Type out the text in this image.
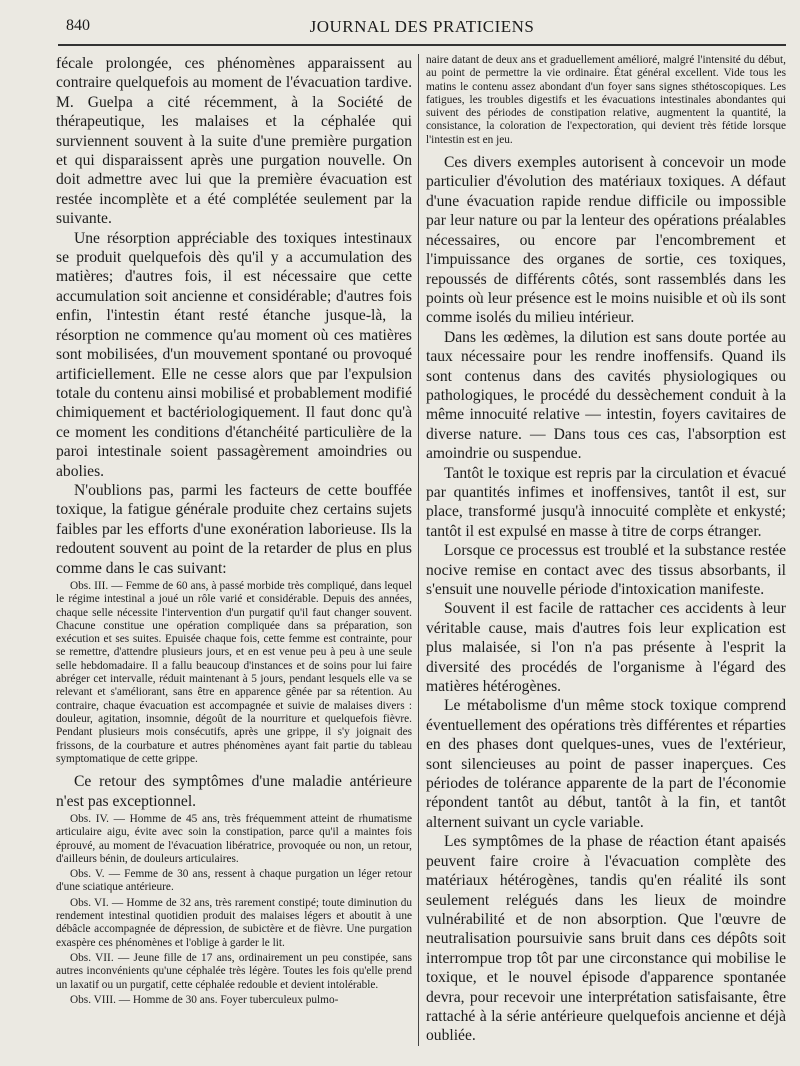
840	JOURNAL DES PRATICIENS

fécale prolongée, ces phénomènes apparaissent au contraire quelquefois au moment de l'évacuation tardive. M. Guelpa a cité récemment, à la Société de thérapeutique, les malaises et la céphalée qui surviennent souvent à la suite d'une première purgation et qui disparaissent après une purgation nouvelle. On doit admettre avec lui que la première évacuation est restée incomplète et a été complétée seulement par la suivante.

Une résorption appréciable des toxiques intestinaux se produit quelquefois dès qu'il y a accumulation des matières; d'autres fois, il est nécessaire que cette accumulation soit ancienne et considérable; d'autres fois enfin, l'intestin étant resté étanche jusque-là, la résorption ne commence qu'au moment où ces matières sont mobilisées, d'un mouvement spontané ou provoqué artificiellement. Elle ne cesse alors que par l'expulsion totale du contenu ainsi mobilisé et probablement modifié chimiquement et bactériologiquement. Il faut donc qu'à ce moment les conditions d'étanchéité particulière de la paroi intestinale soient passagèrement amoindries ou abolies.

N'oublions pas, parmi les facteurs de cette bouffée toxique, la fatigue générale produite chez certains sujets faibles par les efforts d'une exonération laborieuse. Ils la redoutent souvent au point de la retarder de plus en plus comme dans le cas suivant:

Obs. III. — Femme de 60 ans, à passé morbide très compliqué, dans lequel le régime intestinal a joué un rôle varié et considérable. Depuis des années, chaque selle nécessite l'intervention d'un purgatif qu'il faut changer souvent. Chacune constitue une opération compliquée dans sa préparation, son exécution et ses suites. Epuisée chaque fois, cette femme est contrainte, pour se remettre, d'attendre plusieurs jours, et en est venue peu à peu à une seule selle hebdomadaire. Il a fallu beaucoup d'instances et de soins pour lui faire abréger cet intervalle, réduit maintenant à 5 jours, pendant lesquels elle va se relevant et s'améliorant, sans être en apparence gênée par sa rétention. Au contraire, chaque évacuation est accompagnée et suivie de malaises divers : douleur, agitation, insomnie, dégoût de la nourriture et quelquefois fièvre. Pendant plusieurs mois consécutifs, après une grippe, il s'y joignait des frissons, de la courbature et autres phénomènes ayant fait partie du tableau symptomatique de cette grippe.

Ce retour des symptômes d'une maladie antérieure n'est pas exceptionnel.

Obs. IV. — Homme de 45 ans, très fréquemment atteint de rhumatisme articulaire aigu, évite avec soin la constipation, parce qu'il a maintes fois éprouvé, au moment de l'évacuation libératrice, provoquée ou non, un retour, d'ailleurs bénin, de douleurs articulaires.

Obs. V. — Femme de 30 ans, ressent à chaque purgation un léger retour d'une sciatique antérieure.

Obs. VI. — Homme de 32 ans, très rarement constipé; toute diminution du rendement intestinal quotidien produit des malaises légers et aboutit à une débâcle accompagnée de dépression, de subictère et de fièvre. Une purgation exaspère ces phénomènes et l'oblige à garder le lit.

Obs. VII. — Jeune fille de 17 ans, ordinairement un peu constipée, sans autres inconvénients qu'une céphalée très légère. Toutes les fois qu'elle prend un laxatif ou un purgatif, cette céphalée redouble et devient intolérable.

Obs. VIII. — Homme de 30 ans. Foyer tuberculeux pulmo-

naire datant de deux ans et graduellement amélioré, malgré l'intensité du début, au point de permettre la vie ordinaire. État général excellent. Vide tous les matins le contenu assez abondant d'un foyer sans signes sthétoscopiques. Les fatigues, les troubles digestifs et les évacuations intestinales abondantes qui suivent des périodes de constipation relative, augmentent la quantité, la consistance, la coloration de l'expectoration, qui devient très fétide lorsque l'intestin est en jeu.

Ces divers exemples autorisent à concevoir un mode particulier d'évolution des matériaux toxiques. A défaut d'une évacuation rapide rendue difficile ou impossible par leur nature ou par la lenteur des opérations préalables nécessaires, ou encore par l'encombrement et l'impuissance des organes de sortie, ces toxiques, repoussés de différents côtés, sont rassemblés dans les points où leur présence est le moins nuisible et où ils sont comme isolés du milieu intérieur.

Dans les œdèmes, la dilution est sans doute portée au taux nécessaire pour les rendre inoffensifs. Quand ils sont contenus dans des cavités physiologiques ou pathologiques, le procédé du dessèchement conduit à la même innocuité relative — intestin, foyers cavitaires de diverse nature. — Dans tous ces cas, l'absorption est amoindrie ou suspendue.

Tantôt le toxique est repris par la circulation et évacué par quantités infimes et inoffensives, tantôt il est, sur place, transformé jusqu'à innocuité complète et enkysté; tantôt il est expulsé en masse à titre de corps étranger.

Lorsque ce processus est troublé et la substance restée nocive remise en contact avec des tissus absorbants, il s'ensuit une nouvelle période d'intoxication manifeste.

Souvent il est facile de rattacher ces accidents à leur véritable cause, mais d'autres fois leur explication est plus malaisée, si l'on n'a pas présente à l'esprit la diversité des procédés de l'organisme à l'égard des matières hétérogènes.

Le métabolisme d'un même stock toxique comprend éventuellement des opérations très différentes et réparties en des phases dont quelques-unes, vues de l'extérieur, sont silencieuses au point de passer inaperçues. Ces périodes de tolérance apparente de la part de l'économie répondent tantôt au début, tantôt à la fin, et tantôt alternent suivant un cycle variable.

Les symptômes de la phase de réaction étant apaisés peuvent faire croire à l'évacuation complète des matériaux hétérogènes, tandis qu'en réalité ils sont seulement relégués dans les lieux de moindre vulnérabilité et de non absorption. Que l'œuvre de neutralisation poursuivie sans bruit dans ces dépôts soit interrompue trop tôt par une circonstance qui mobilise le toxique, et le nouvel épisode d'apparence spontanée devra, pour recevoir une interprétation satisfaisante, être rattaché à la série antérieure quelquefois ancienne et déjà oubliée.
